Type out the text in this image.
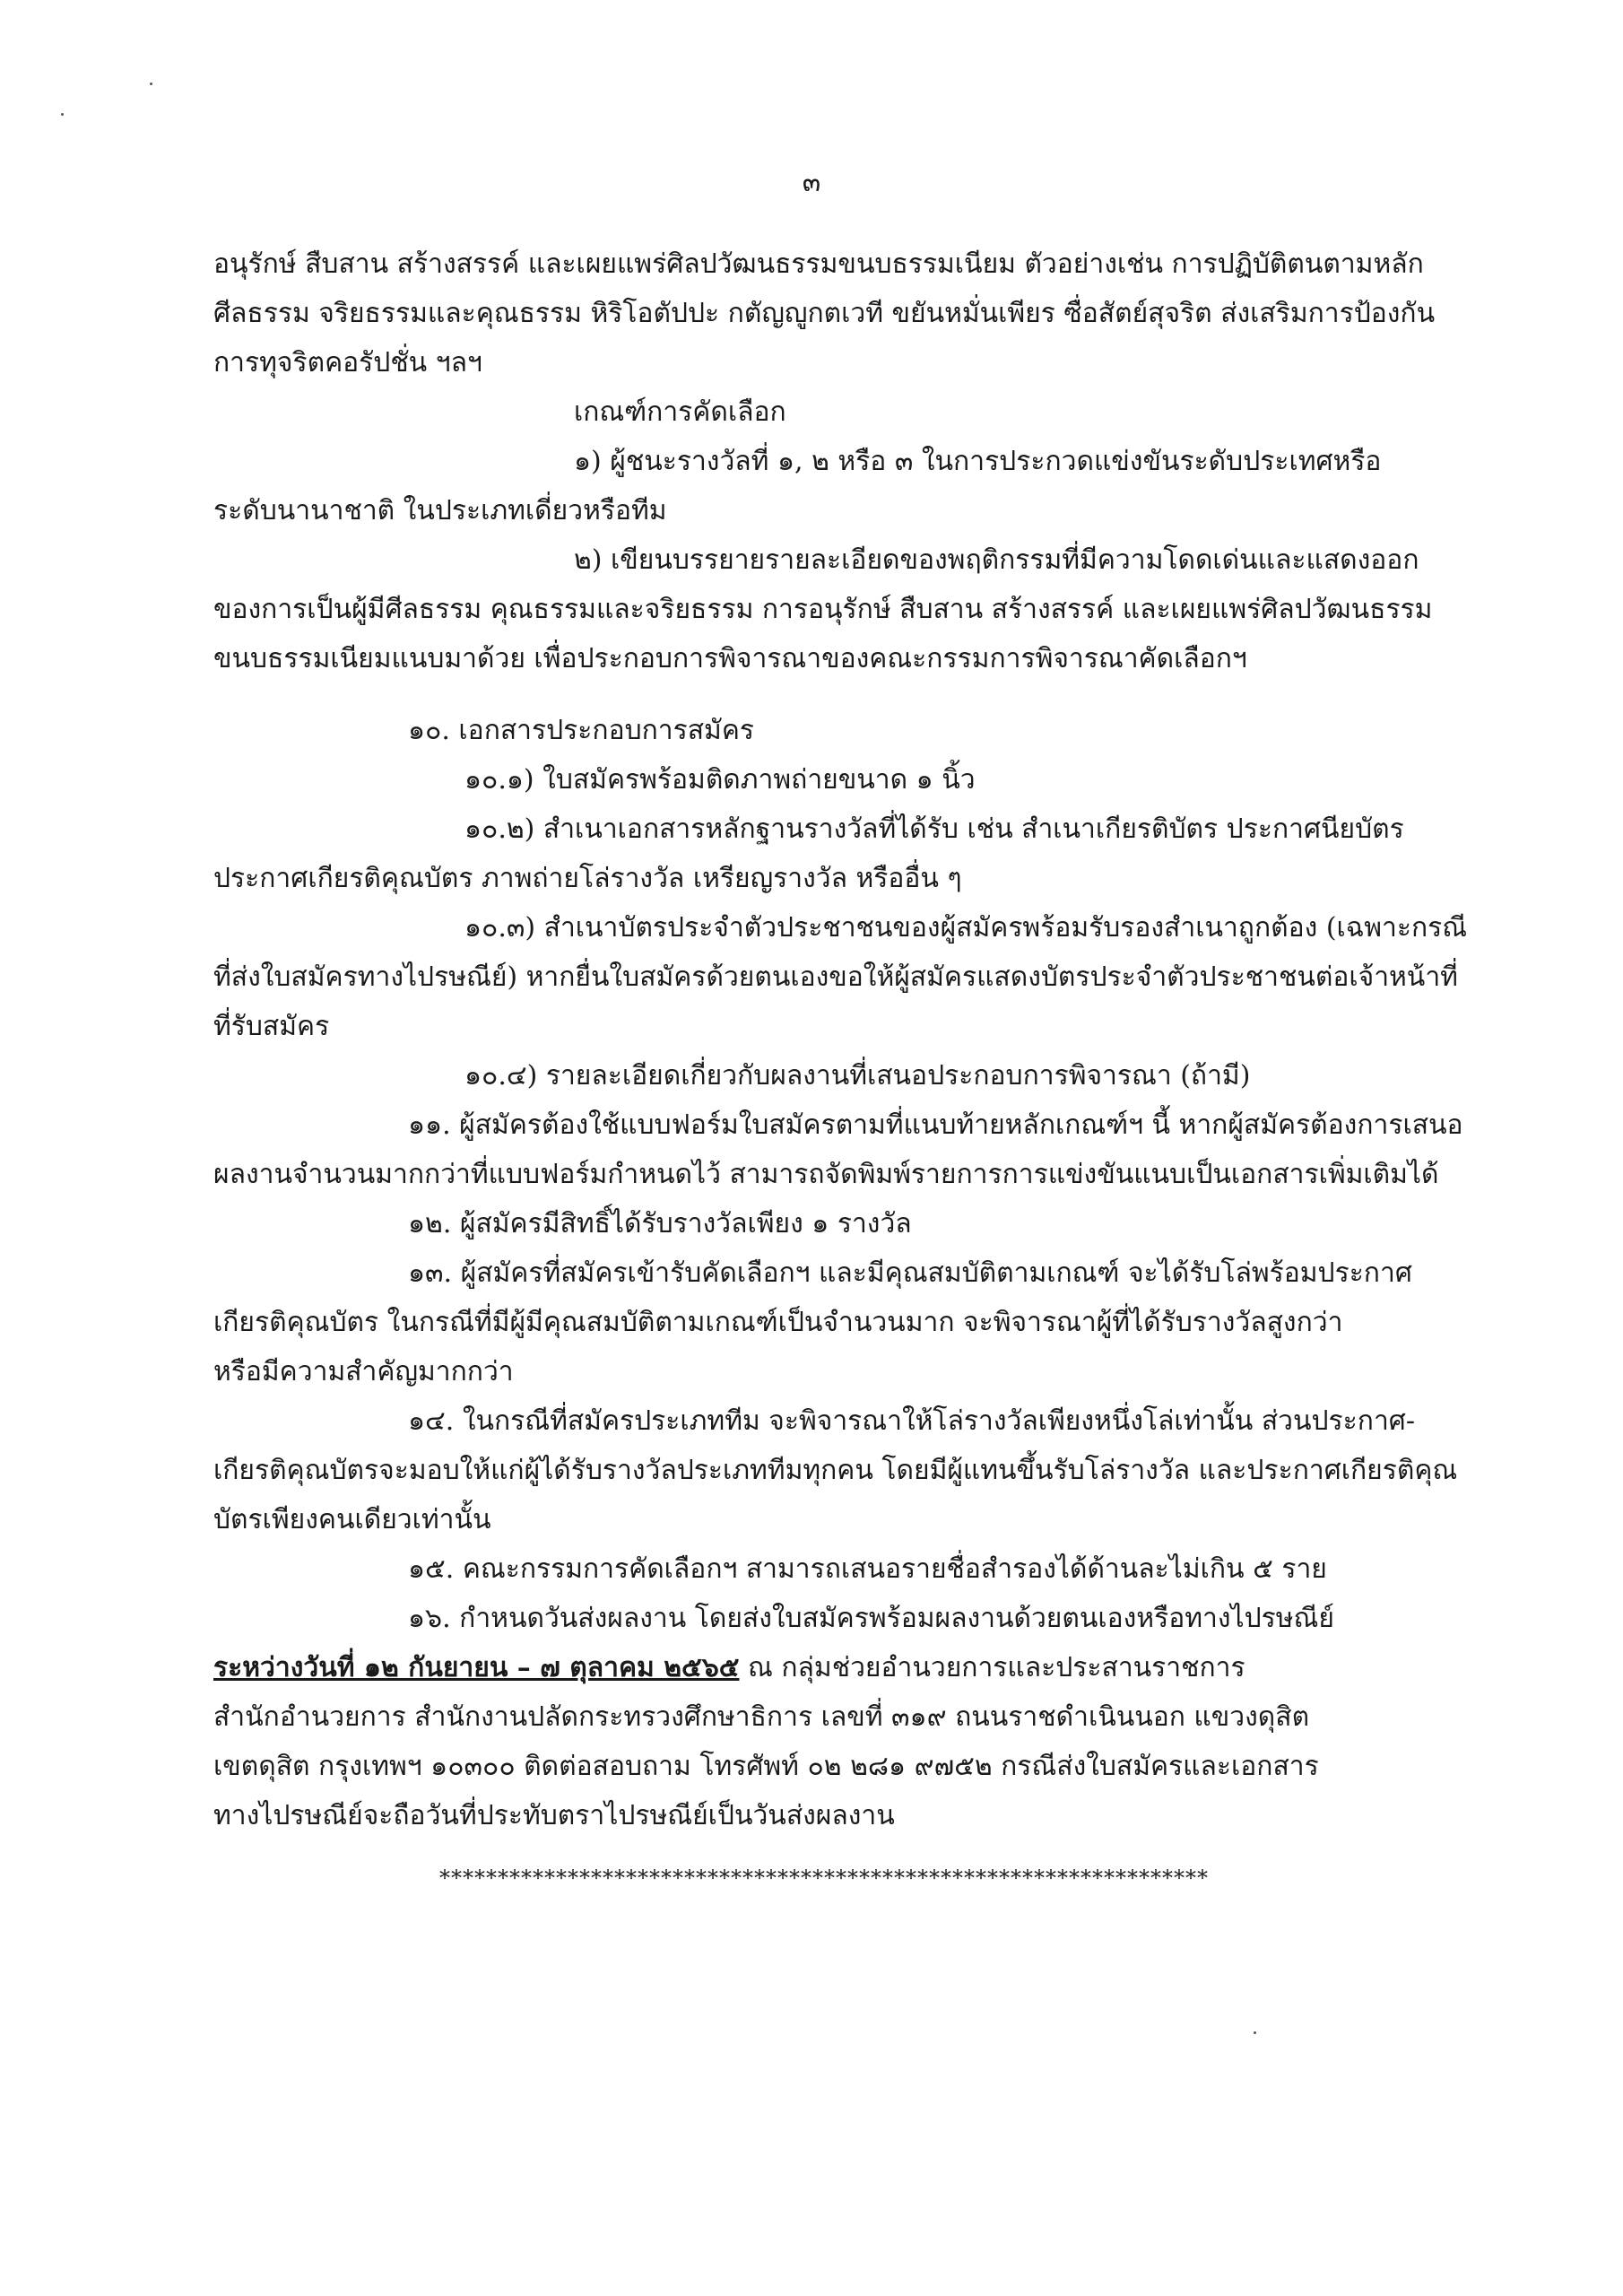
๓
อนุรักษ์ สืบสาน สร้างสรรค์ และเผยแพร่ศิลปวัฒนธรรมขนบธรรมเนียม ตัวอย่างเช่น การปฏิบัติตนตามหลัก
ศีลธรรม จริยธรรมและคุณธรรม หิริโอตัปปะ กตัญญูกตเวที ขยันหมั่นเพียร ซื่อสัตย์สุจริต ส่งเสริมการป้องกัน
การทุจริตคอรัปชั่น ฯลฯ
เกณฑ์การคัดเลือก
๑) ผู้ชนะรางวัลที่ ๑, ๒ หรือ ๓ ในการประกวดแข่งขันระดับประเทศหรือ
ระดับนานาชาติ ในประเภทเดี่ยวหรือทีม
๒) เขียนบรรยายรายละเอียดของพฤติกรรมที่มีความโดดเด่นและแสดงออก
ของการเป็นผู้มีศีลธรรม คุณธรรมและจริยธรรม การอนุรักษ์ สืบสาน สร้างสรรค์ และเผยแพร่ศิลปวัฒนธรรม
ขนบธรรมเนียมแนบมาด้วย เพื่อประกอบการพิจารณาของคณะกรรมการพิจารณาคัดเลือกฯ
๑๐. เอกสารประกอบการสมัคร
๑๐.๑) ใบสมัครพร้อมติดภาพถ่ายขนาด ๑ นิ้ว
๑๐.๒) สำเนาเอกสารหลักฐานรางวัลที่ได้รับ เช่น สำเนาเกียรติบัตร ประกาศนียบัตร
ประกาศเกียรติคุณบัตร ภาพถ่ายโล่รางวัล เหรียญรางวัล หรืออื่น ๆ
๑๐.๓) สำเนาบัตรประจำตัวประชาชนของผู้สมัครพร้อมรับรองสำเนาถูกต้อง (เฉพาะกรณี
ที่ส่งใบสมัครทางไปรษณีย์) หากยื่นใบสมัครด้วยตนเองขอให้ผู้สมัครแสดงบัตรประจำตัวประชาชนต่อเจ้าหน้าที่
ที่รับสมัคร
๑๐.๔) รายละเอียดเกี่ยวกับผลงานที่เสนอประกอบการพิจารณา (ถ้ามี)
๑๑. ผู้สมัครต้องใช้แบบฟอร์มใบสมัครตามที่แนบท้ายหลักเกณฑ์ฯ นี้ หากผู้สมัครต้องการเสนอ
ผลงานจำนวนมากกว่าที่แบบฟอร์มกำหนดไว้ สามารถจัดพิมพ์รายการการแข่งขันแนบเป็นเอกสารเพิ่มเติมได้
๑๒. ผู้สมัครมีสิทธิ์ได้รับรางวัลเพียง ๑ รางวัล
๑๓. ผู้สมัครที่สมัครเข้ารับคัดเลือกฯ และมีคุณสมบัติตามเกณฑ์ จะได้รับโล่พร้อมประกาศ
เกียรติคุณบัตร ในกรณีที่มีผู้มีคุณสมบัติตามเกณฑ์เป็นจำนวนมาก จะพิจารณาผู้ที่ได้รับรางวัลสูงกว่า
หรือมีความสำคัญมากกว่า
๑๔. ในกรณีที่สมัครประเภททีม จะพิจารณาให้โล่รางวัลเพียงหนึ่งโล่เท่านั้น ส่วนประกาศ-
เกียรติคุณบัตรจะมอบให้แก่ผู้ได้รับรางวัลประเภททีมทุกคน โดยมีผู้แทนขึ้นรับโล่รางวัล และประกาศเกียรติคุณ
บัตรเพียงคนเดียวเท่านั้น
๑๕. คณะกรรมการคัดเลือกฯ สามารถเสนอรายชื่อสำรองได้ด้านละไม่เกิน ๕ ราย
๑๖. กำหนดวันส่งผลงาน โดยส่งใบสมัครพร้อมผลงานด้วยตนเองหรือทางไปรษณีย์
ระหว่างวันที่ ๑๒ กันยายน – ๗ ตุลาคม ๒๕๖๕ ณ กลุ่มช่วยอำนวยการและประสานราชการ
สำนักอำนวยการ สำนักงานปลัดกระทรวงศึกษาธิการ เลขที่ ๓๑๙ ถนนราชดำเนินนอก แขวงดุสิต
เขตดุสิต กรุงเทพฯ ๑๐๓๐๐ ติดต่อสอบถาม โทรศัพท์ ๐๒ ๒๘๑ ๙๗๕๒ กรณีส่งใบสมัครและเอกสาร
ทางไปรษณีย์จะถือวันที่ประทับตราไปรษณีย์เป็นวันส่งผลงาน
******************************************************************
